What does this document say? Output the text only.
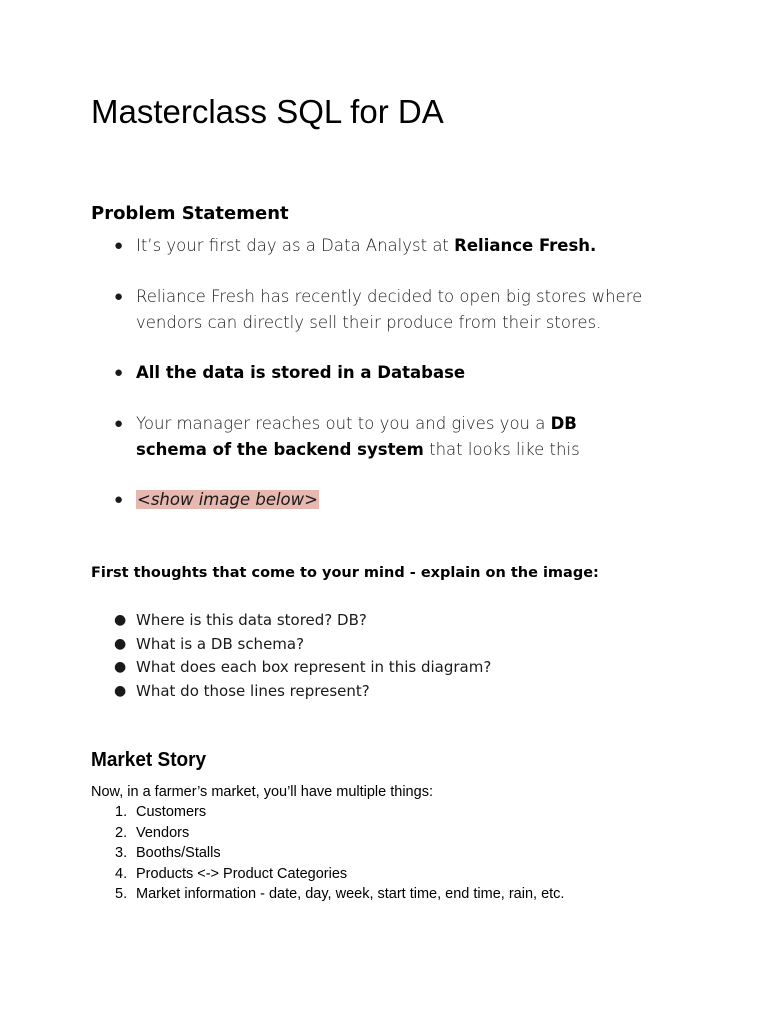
Masterclass SQL for DA
Problem Statement
● It’s your first day as a Data Analyst at Reliance Fresh.
● Reliance Fresh has recently decided to open big stores where
vendors can directly sell their produce from their stores.
● All the data is stored in a Database
● Your manager reaches out to you and gives you a DB
schema of the backend system that looks like this
● <show image below>
First thoughts that come to your mind - explain on the image:
● Where is this data stored? DB?
● What is a DB schema?
● What does each box represent in this diagram?
● What do those lines represent?
Market Story

Now, in a farmer’s market, you’ll have multiple things:

1. Customers
2. Vendors
3. Booths/Stalls
4. Products <-> Product Categories
5. Market information - date, day, week, start time, end time, rain, etc.
